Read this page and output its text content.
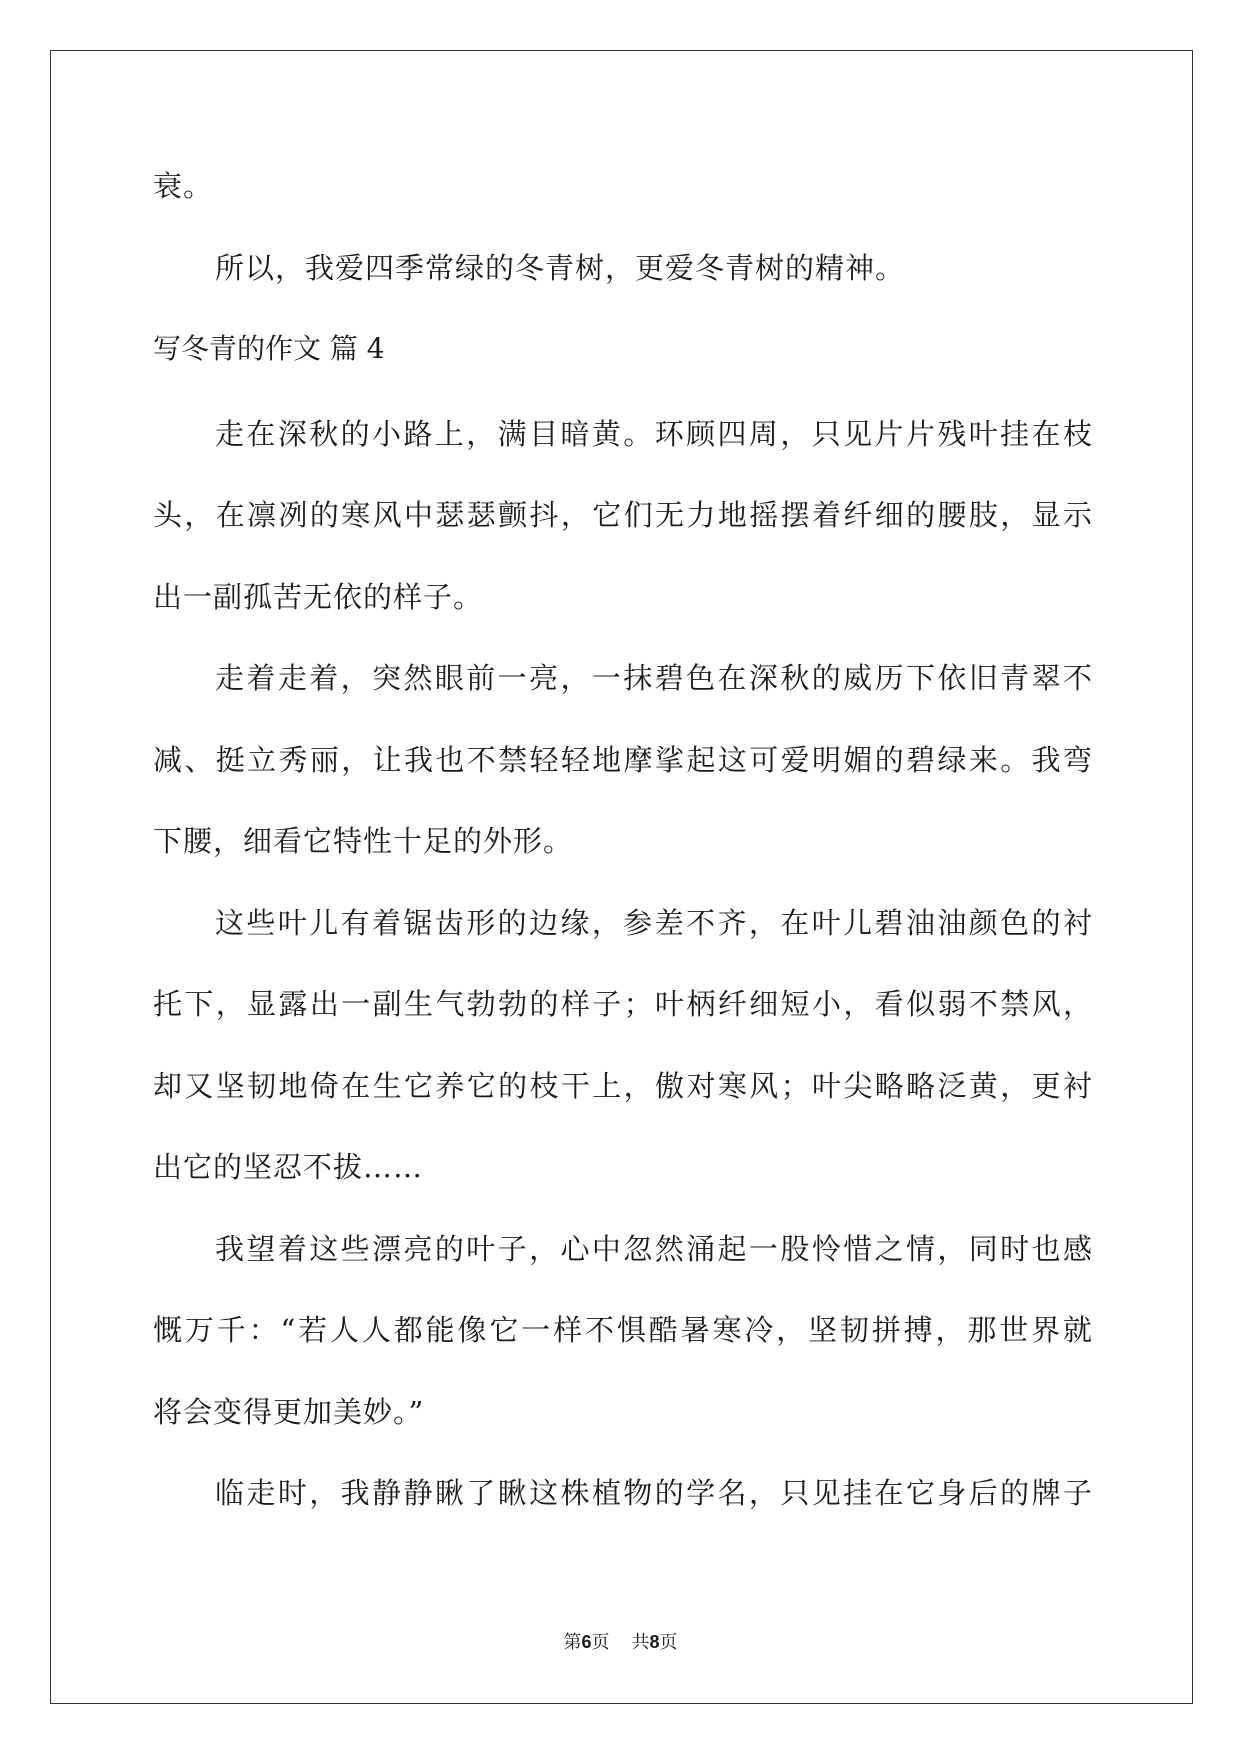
衰。
所以，我爱四季常绿的冬青树，更爱冬青树的精神。
写冬青的作文 篇 4
走在深秋的小路上，满目暗黄。环顾四周，只见片片残叶挂在枝
头，在凛冽的寒风中瑟瑟颤抖，它们无力地摇摆着纤细的腰肢，显示
出一副孤苦无依的样子。
走着走着，突然眼前一亮，一抹碧色在深秋的威历下依旧青翠不
减、挺立秀丽，让我也不禁轻轻地摩挲起这可爱明媚的碧绿来。我弯
下腰，细看它特性十足的外形。
这些叶儿有着锯齿形的边缘，参差不齐，在叶儿碧油油颜色的衬
托下，显露出一副生气勃勃的样子；叶柄纤细短小，看似弱不禁风，
却又坚韧地倚在生它养它的枝干上，傲对寒风；叶尖略略泛黄，更衬
出它的坚忍不拔……
我望着这些漂亮的叶子，心中忽然涌起一股怜惜之情，同时也感
慨万千：“若人人都能像它一样不惧酷暑寒冷，坚韧拼搏，那世界就
将会变得更加美妙。”
临走时，我静静瞅了瞅这株植物的学名，只见挂在它身后的牌子
第6页 共8页
